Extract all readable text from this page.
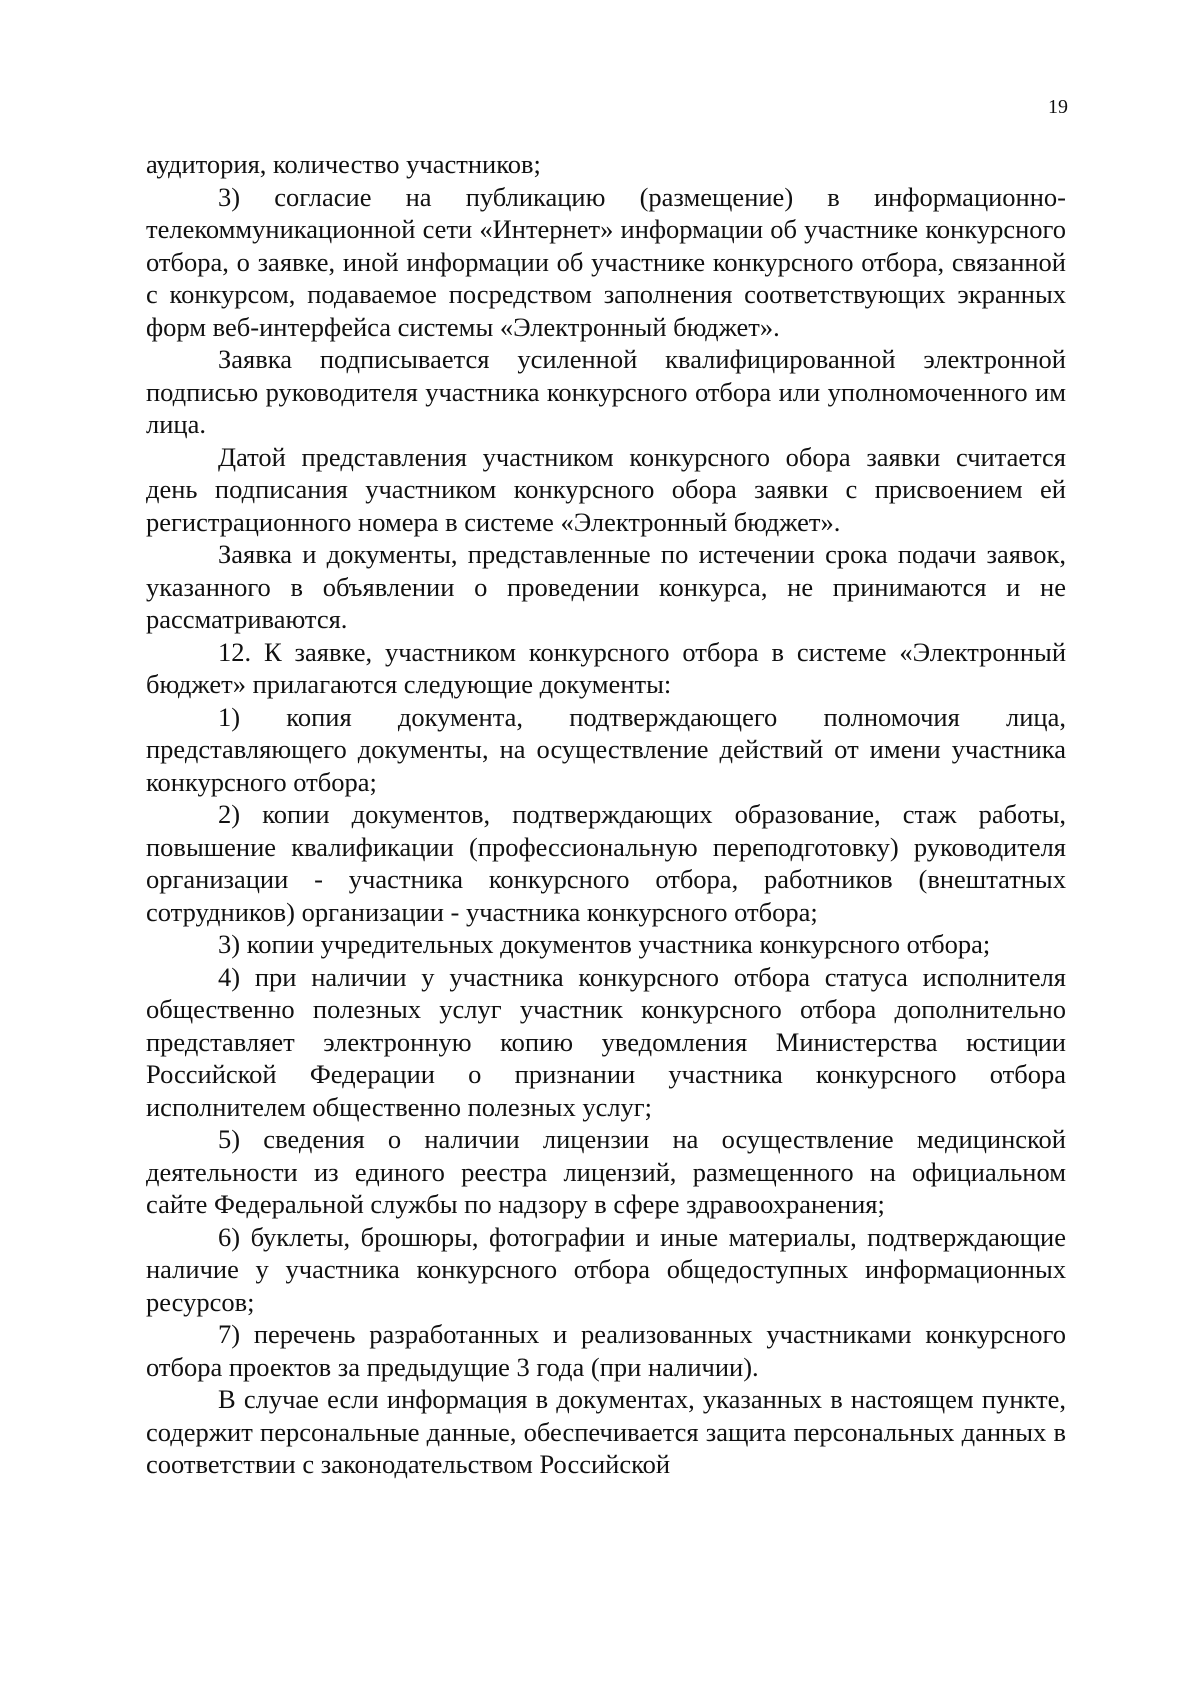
19

аудитория, количество участников;

3) согласие на публикацию (размещение) в информационно-телекоммуникационной сети «Интернет» информации об участнике конкурсного отбора, о заявке, иной информации об участнике конкурсного отбора, связанной с конкурсом, подаваемое посредством заполнения соответствующих экранных форм веб-интерфейса системы «Электронный бюджет».

Заявка подписывается усиленной квалифицированной электронной подписью руководителя участника конкурсного отбора или уполномоченного им лица.

Датой представления участником конкурсного обора заявки считается день подписания участником конкурсного обора заявки с присвоением ей регистрационного номера в системе «Электронный бюджет».

Заявка и документы, представленные по истечении срока подачи заявок, указанного в объявлении о проведении конкурса, не принимаются и не рассматриваются.

12. К заявке, участником конкурсного отбора в системе «Электронный бюджет» прилагаются следующие документы:

1) копия документа, подтверждающего полномочия лица, представляющего документы, на осуществление действий от имени участника конкурсного отбора;

2) копии документов, подтверждающих образование, стаж работы, повышение квалификации (профессиональную переподготовку) руководителя организации - участника конкурсного отбора, работников (внештатных сотрудников) организации - участника конкурсного отбора;

3) копии учредительных документов участника конкурсного отбора;

4) при наличии у участника конкурсного отбора статуса исполнителя общественно полезных услуг участник конкурсного отбора дополнительно представляет электронную копию уведомления Министерства юстиции Российской Федерации о признании участника конкурсного отбора исполнителем общественно полезных услуг;

5) сведения о наличии лицензии на осуществление медицинской деятельности из единого реестра лицензий, размещенного на официальном сайте Федеральной службы по надзору в сфере здравоохранения;

6) буклеты, брошюры, фотографии и иные материалы, подтверждающие наличие у участника конкурсного отбора общедоступных информационных ресурсов;

7) перечень разработанных и реализованных участниками конкурсного отбора проектов за предыдущие 3 года (при наличии).

В случае если информация в документах, указанных в настоящем пункте, содержит персональные данные, обеспечивается защита персональных данных в соответствии с законодательством Российской
